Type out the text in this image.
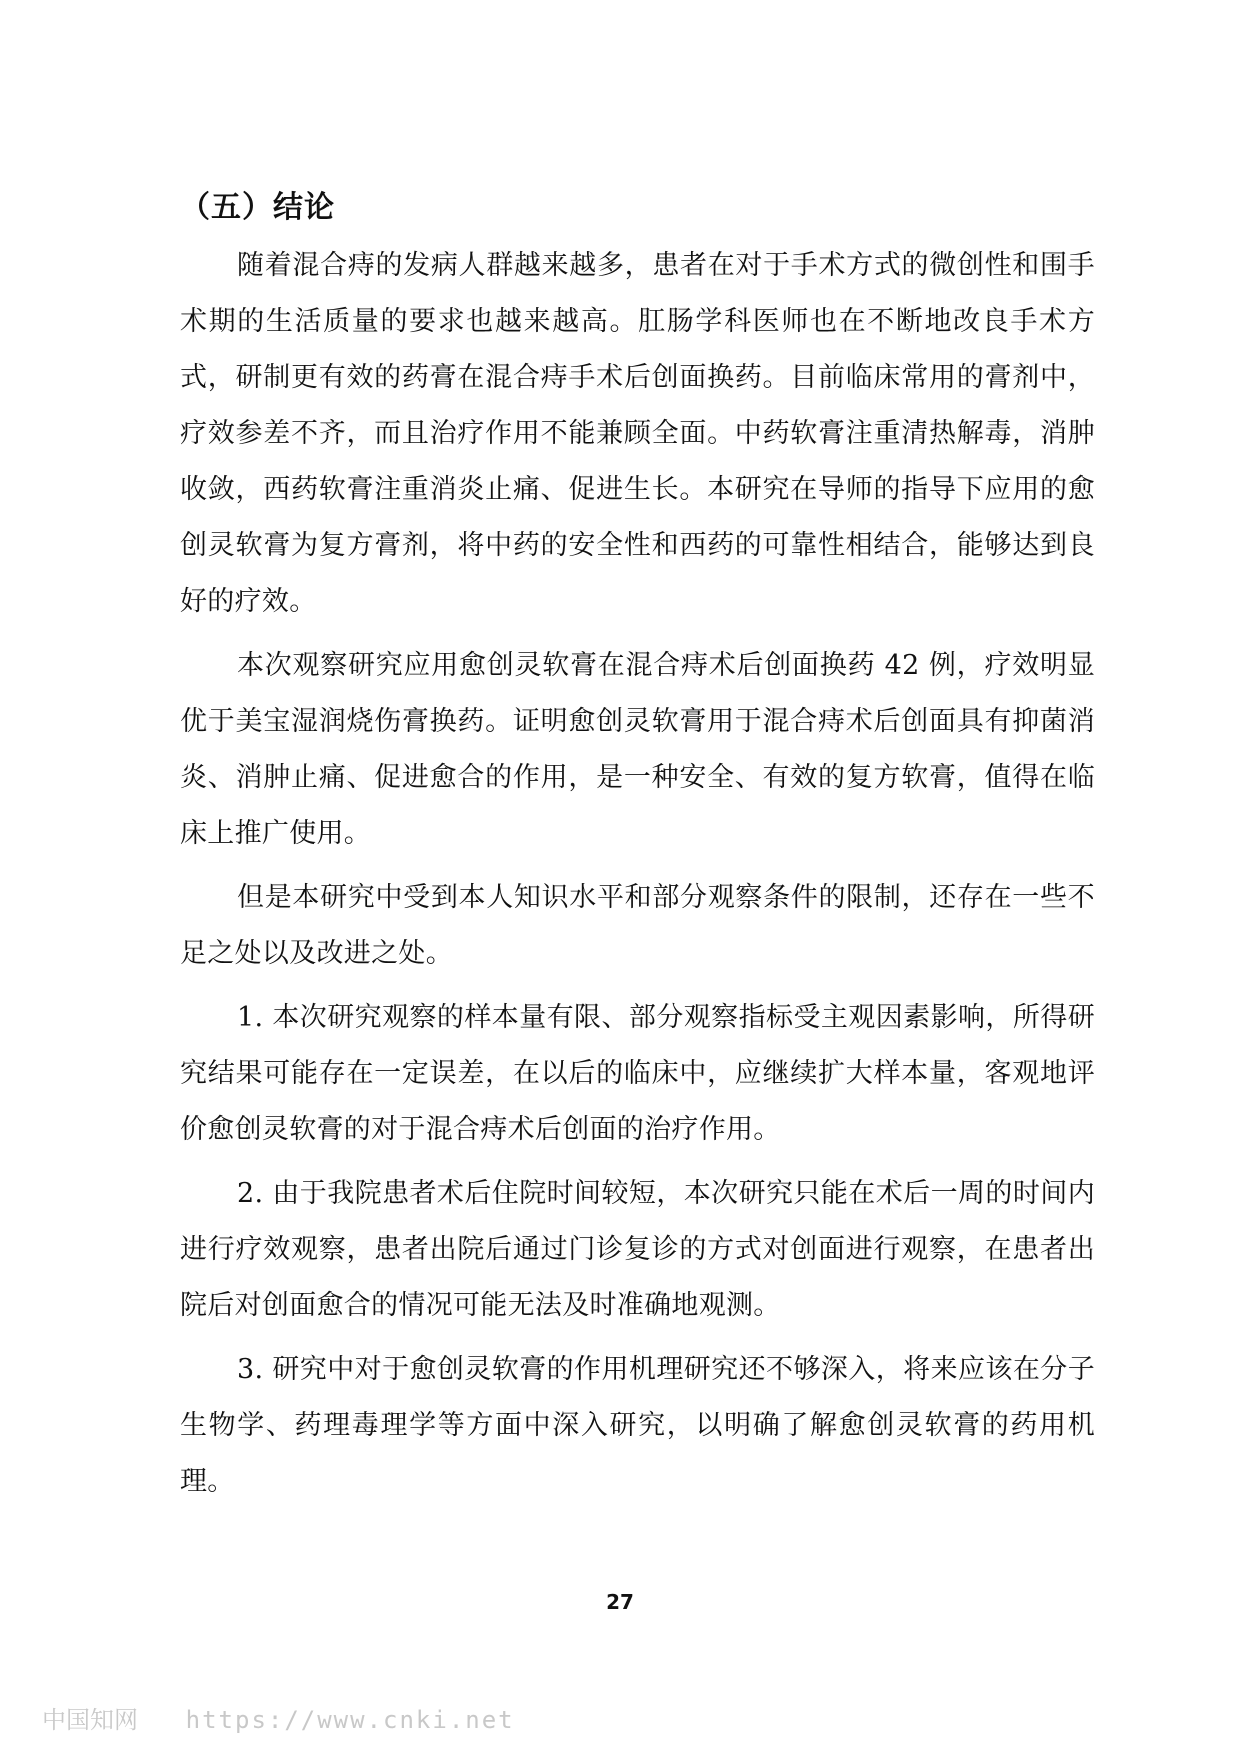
（五）结论

随着混合痔的发病人群越来越多，患者在对于手术方式的微创性和围手术期的生活质量的要求也越来越高。肛肠学科医师也在不断地改良手术方式，研制更有效的药膏在混合痔手术后创面换药。目前临床常用的膏剂中，疗效参差不齐，而且治疗作用不能兼顾全面。中药软膏注重清热解毒，消肿收敛，西药软膏注重消炎止痛、促进生长。本研究在导师的指导下应用的愈创灵软膏为复方膏剂，将中药的安全性和西药的可靠性相结合，能够达到良好的疗效。

本次观察研究应用愈创灵软膏在混合痔术后创面换药 42 例，疗效明显优于美宝湿润烧伤膏换药。证明愈创灵软膏用于混合痔术后创面具有抑菌消炎、消肿止痛、促进愈合的作用，是一种安全、有效的复方软膏，值得在临床上推广使用。

但是本研究中受到本人知识水平和部分观察条件的限制，还存在一些不足之处以及改进之处。

1. 本次研究观察的样本量有限、部分观察指标受主观因素影响，所得研究结果可能存在一定误差，在以后的临床中，应继续扩大样本量，客观地评价愈创灵软膏的对于混合痔术后创面的治疗作用。

2. 由于我院患者术后住院时间较短，本次研究只能在术后一周的时间内进行疗效观察，患者出院后通过门诊复诊的方式对创面进行观察，在患者出院后对创面愈合的情况可能无法及时准确地观测。

3. 研究中对于愈创灵软膏的作用机理研究还不够深入，将来应该在分子生物学、药理毒理学等方面中深入研究，以明确了解愈创灵软膏的药用机理。

27
中国知网 https://www.cnki.net
